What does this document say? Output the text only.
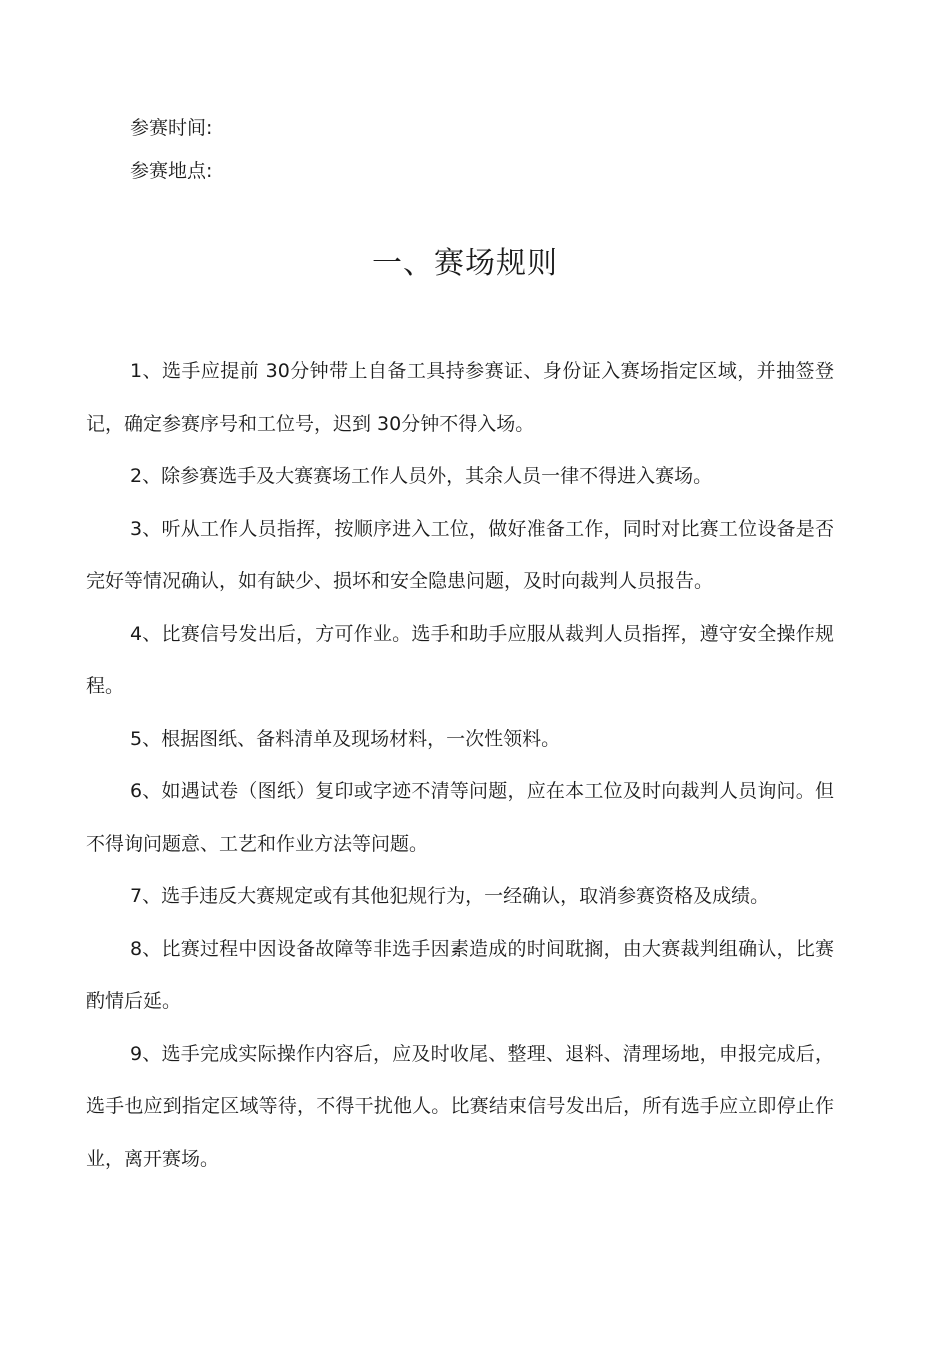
参赛时间:
参赛地点:
一、赛场规则
1、选手应提前 30分钟带上自备工具持参赛证、身份证入赛场指定区域，并抽签登记，确定参赛序号和工位号，迟到 30分钟不得入场。
2、除参赛选手及大赛赛场工作人员外，其余人员一律不得进入赛场。
3、听从工作人员指挥，按顺序进入工位，做好准备工作，同时对比赛工位设备是否完好等情况确认，如有缺少、损坏和安全隐患问题，及时向裁判人员报告。
4、比赛信号发出后，方可作业。选手和助手应服从裁判人员指挥，遵守安全操作规程。
5、根据图纸、备料清单及现场材料，一次性领料。
6、如遇试卷（图纸）复印或字迹不清等问题，应在本工位及时向裁判人员询问。但不得询问题意、工艺和作业方法等问题。
7、选手违反大赛规定或有其他犯规行为，一经确认，取消参赛资格及成绩。
8、比赛过程中因设备故障等非选手因素造成的时间耽搁，由大赛裁判组确认，比赛酌情后延。
9、选手完成实际操作内容后，应及时收尾、整理、退料、清理场地，申报完成后，选手也应到指定区域等待，不得干扰他人。比赛结束信号发出后，所有选手应立即停止作业，离开赛场。
